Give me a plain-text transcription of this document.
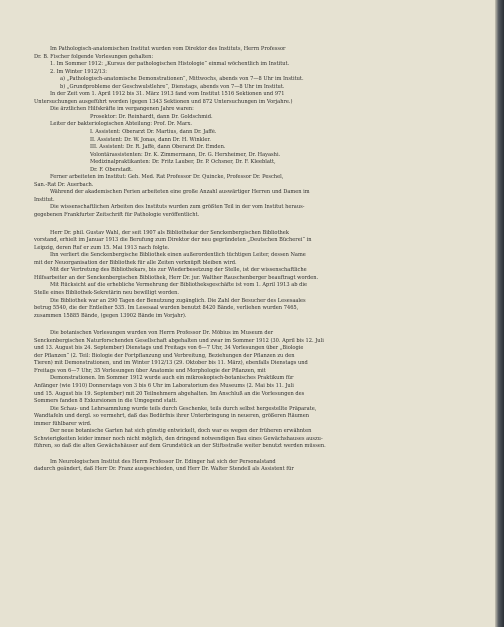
Im Pathologisch-anatomischen Institut wurden vom Direktor des Instituts, Herrn Professor
Dr. B. Fischer folgende Vorlesungen gehalten:
1. Im Sommer 1912: „Kursus der pathologischen Histologie“ einmal wöchentlich im Institut.
2. Im Winter 1912/13:
a) „Pathologisch-anatomische Demonstrationen“, Mittwochs, abends von 7—8 Uhr im Institut.
b) „Grundprobleme der Geschwulstlehre“, Dienstags, abends von 7—8 Uhr im Institut.
In der Zeit vom 1. April 1912 bis 31. März 1913 fand vom Institut 1516 Sektionen und 971
Untersuchungen ausgeführt worden (gegen 1343 Sektionen und 872 Untersuchungen im Vorjahre.)
Die ärztlichen Hilfskräfte im vergangenen Jahre waren:
Prosektor: Dr. Reinhardt, dann Dr. Goldschmid.
Leiter der bakteriologischen Abteilung: Prof. Dr. Marx.
I. Assistent: Oberarzt Dr. Martius, dann Dr. Jaffé.
II. Assistent: Dr. W. Jonas, dann Dr. H. Winkler.
III. Assistent: Dr. R. Jaffé, dann Oberarzt Dr. Emden.
Volontärassistenten: Dr. K. Zimmermann, Dr. G. Herxheimer, Dr. Hayashi.
Medizinalpraktikanten: Dr. Fritz Lauber, Dr. P. Ochsner, Dr. F. Kleeblatt,
Dr. F. Oberstadt.
Ferner arbeiteten im Institut: Geh. Med. Rat Professor Dr. Quincke, Professor Dr. Peschel,
San.-Rat Dr. Auerbach.
Während der akademischen Ferien arbeiteten eine große Anzahl auswärtiger Herren und Damen im
Institut.
Die wissenschaftlichen Arbeiten des Instituts wurden zum größten Teil in der vom Institut heraus-
gegebenen Frankfurter Zeitschrift für Pathologie veröffentlicht.
Herr Dr. phil. Gustav Wahl, der seit 1907 als Bibliothekar der Senckenbergischen Bibliothek
vorstand, erhielt im Januar 1913 die Berufung zum Direktor der neu gegründeten „Deutschen Bücherei“ in
Leipzig, deren Ruf er zum 15. Mai 1913 nach folgte.
Ihn verliert die Senckenbergische Bibliothek einen außerordentlich tüchtigen Leiter, dessen Name
mit der Neuorganisation der Bibliothek für alle Zeiten verknüpft bleiben wird.
Mit der Vertretung des Bibliothekars, bis zur Wiederbesetzung der Stelle, ist der wissenschaftliche
Hilfsarbeiter an der Senckenbergischen Bibliothek, Herr Dr. jur. Walther Rauschenberger beauftragt worden.
Mit Rücksicht auf die erhebliche Vermehrung der Bibliotheksgeschäfte ist vom 1. April 1913 ab die
Stelle eines Bibliothek-Sekretärin neu bewilligt worden.
Die Bibliothek war an 290 Tagen der Benutzung zugänglich. Die Zahl der Besucher des Lesesaales
betrug 5540, die der Entleiher 535. Im Lesesaal wurden benutzt 8420 Bände, verliehen wurden 7465,
zusammen 15885 Bände, (gegen 13902 Bände im Vorjahr).
Die botanischen Vorlesungen wurden von Herrn Professor Dr. Möbius im Museum der
Senckenbergischen Naturforschenden Gesellschaft abgehalten und zwar im Sommer 1912 (30. April bis 12. Juli
und 13. August bis 24. September) Dienstags und Freitags von 6—7 Uhr, 34 Vorlesungen über „Biologie
der Pflanzen“ (2. Teil: Biologie der Fortpflanzung und Verbreitung, Beziehungen der Pflanzen zu den
Tieren) mit Demonstrationen, und im Winter 1912/13 (29. Oktober bis 11. März), ebenfalls Dienstags und
Freitags von 6—7 Uhr, 35 Vorlesungen über Anatomie und Morphologie der Pflanzen, mit
Demonstrationen. Im Sommer 1912 wurde auch ein mikroskopisch-botanisches Praktikum für
Anfänger (wie 1910) Donnerstags von 3 bis 6 Uhr im Laboratorium des Museums (2. Mai bis 11. Juli
und 15. August bis 19. September) mit 20 Teilnehmern abgehalten. Im Anschluß an die Vorlesungen des
Sommers fanden 8 Exkursionen in die Umgegend statt.
Die Schau- und Lehrsammlung wurde teils durch Geschenke, teils durch selbst hergestellte Präparate,
Wandtafeln und dergl. so vermehrt, daß das Bedürfnis ihrer Unterbringung in neueren, größeren Räumen
immer fühlbarer wird.
Der neue botanische Garten hat sich günstig entwickelt, doch war es wegen der früheren erwähnten
Schwierigkeiten leider immer noch nicht möglich, den dringend notwendigen Bau eines Gewächshauses auszu-
führen, so daß die alten Gewächshäuser auf dem Grundstück an der Stiftsstraße weiter benutzt werden müssen.
Im Neurologischen Institut des Herrn Professor Dr. Edinger hat sich der Personalstand
dadurch geändert, daß Herr Dr. Franz ausgeschieden, und Herr Dr. Walter Stendell als Assistent für
